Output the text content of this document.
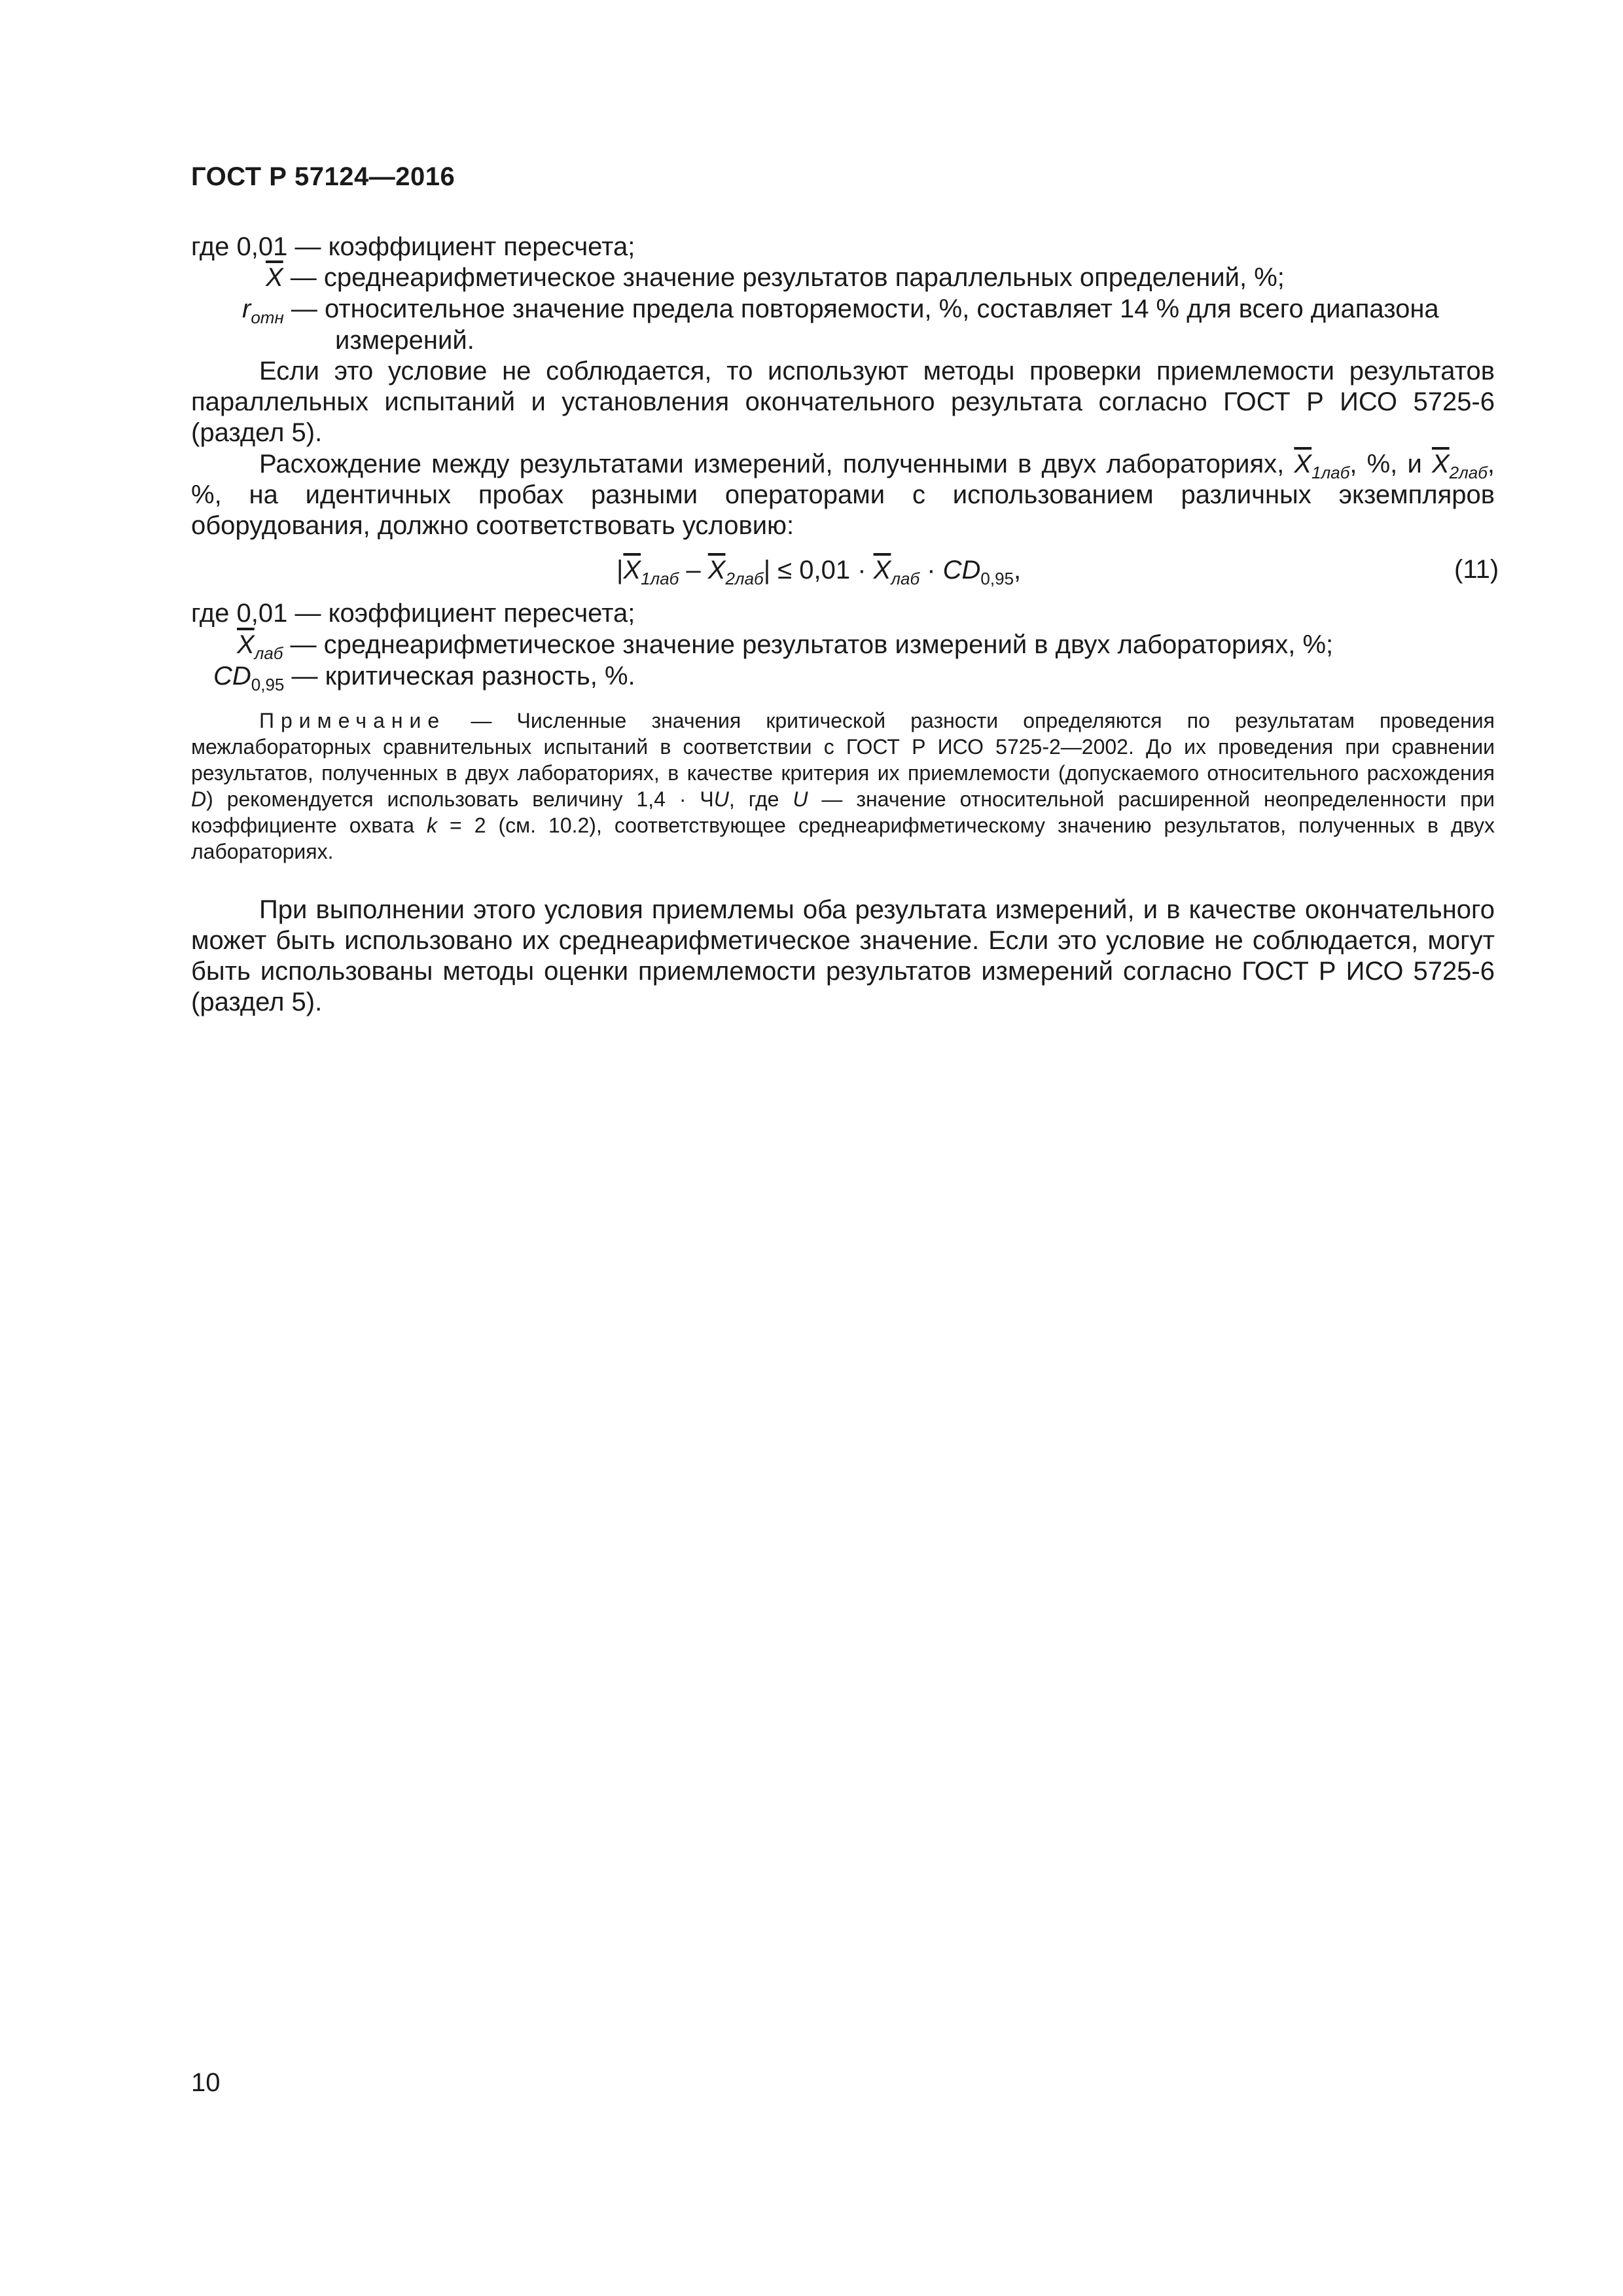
ГОСТ Р 57124—2016
где 0,01 — коэффициент пересчета;
$\overline{X}$ — среднеарифметическое значение результатов параллельных определений, %;
$r_{отн}$ — относительное значение предела повторяемости, %, составляет 14 % для всего диапазона
измерений.
Если это условие не соблюдается, то используют методы проверки приемлемости результатов параллельных испытаний и установления окончательного результата согласно ГОСТ Р ИСО 5725-6 (раздел 5).
Расхождение между результатами измерений, полученными в двух лабораториях, $\overline{X}_{1лаб}$, %, и $\overline{X}_{2лаб}$, %, на идентичных пробах разными операторами с использованием различных экземпляров оборудования, должно соответствовать условию:
$|\overline{X}_{1лаб} - \overline{X}_{2лаб}| \le 0,01 \cdot \overline{X}_{лаб} \cdot CD_{0,95}$,	(11)
где 0,01 — коэффициент пересчета;
$\overline{X}_{лаб}$ — среднеарифметическое значение результатов измерений в двух лабораториях, %;
$CD_{0,95}$ — критическая разность, %.
Примечание — Численные значения критической разности определяются по результатам проведения межлабораторных сравнительных испытаний в соответствии с ГОСТ Р ИСО 5725-2—2002. До их проведения при сравнении результатов, полученных в двух лабораториях, в качестве критерия их приемлемости (допускаемого относительного расхождения D) рекомендуется использовать величину 1,4 · ЧU, где U — значение относительной расширенной неопределенности при коэффициенте охвата k = 2 (см. 10.2), соответствующее среднеарифметическому значению результатов, полученных в двух лабораториях.
При выполнении этого условия приемлемы оба результата измерений, и в качестве окончательного может быть использовано их среднеарифметическое значение. Если это условие не соблюдается, могут быть использованы методы оценки приемлемости результатов измерений согласно ГОСТ Р ИСО 5725-6 (раздел 5).
10
